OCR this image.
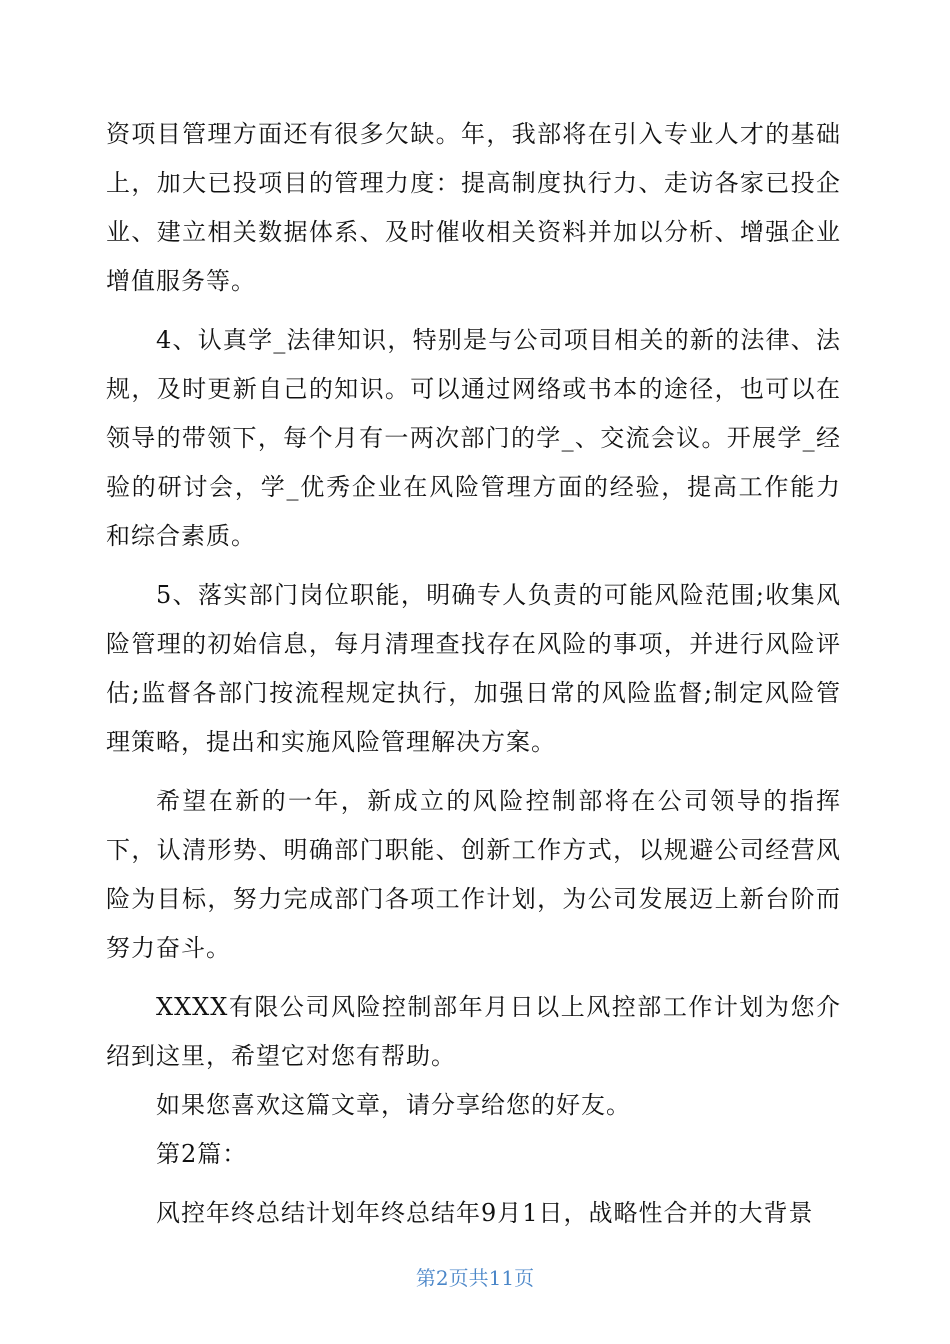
资项目管理方面还有很多欠缺。年，我部将在引入专业人才的基础上，加大已投项目的管理力度：提高制度执行力、走访各家已投企业、建立相关数据体系、及时催收相关资料并加以分析、增强企业增值服务等。

4、认真学_法律知识，特别是与公司项目相关的新的法律、法规，及时更新自己的知识。可以通过网络或书本的途径，也可以在领导的带领下，每个月有一两次部门的学_、交流会议。开展学_经验的研讨会，学_优秀企业在风险管理方面的经验，提高工作能力和综合素质。

5、落实部门岗位职能，明确专人负责的可能风险范围;收集风险管理的初始信息，每月清理查找存在风险的事项，并进行风险评估;监督各部门按流程规定执行，加强日常的风险监督;制定风险管理策略，提出和实施风险管理解决方案。

希望在新的一年，新成立的风险控制部将在公司领导的指挥下，认清形势、明确部门职能、创新工作方式，以规避公司经营风险为目标，努力完成部门各项工作计划，为公司发展迈上新台阶而努力奋斗。

XXXX有限公司风险控制部年月日以上风控部工作计划为您介绍到这里，希望它对您有帮助。

如果您喜欢这篇文章，请分享给您的好友。

第2篇：

风控年终总结计划年终总结年9月1日，战略性合并的大背景

第2页共11页
